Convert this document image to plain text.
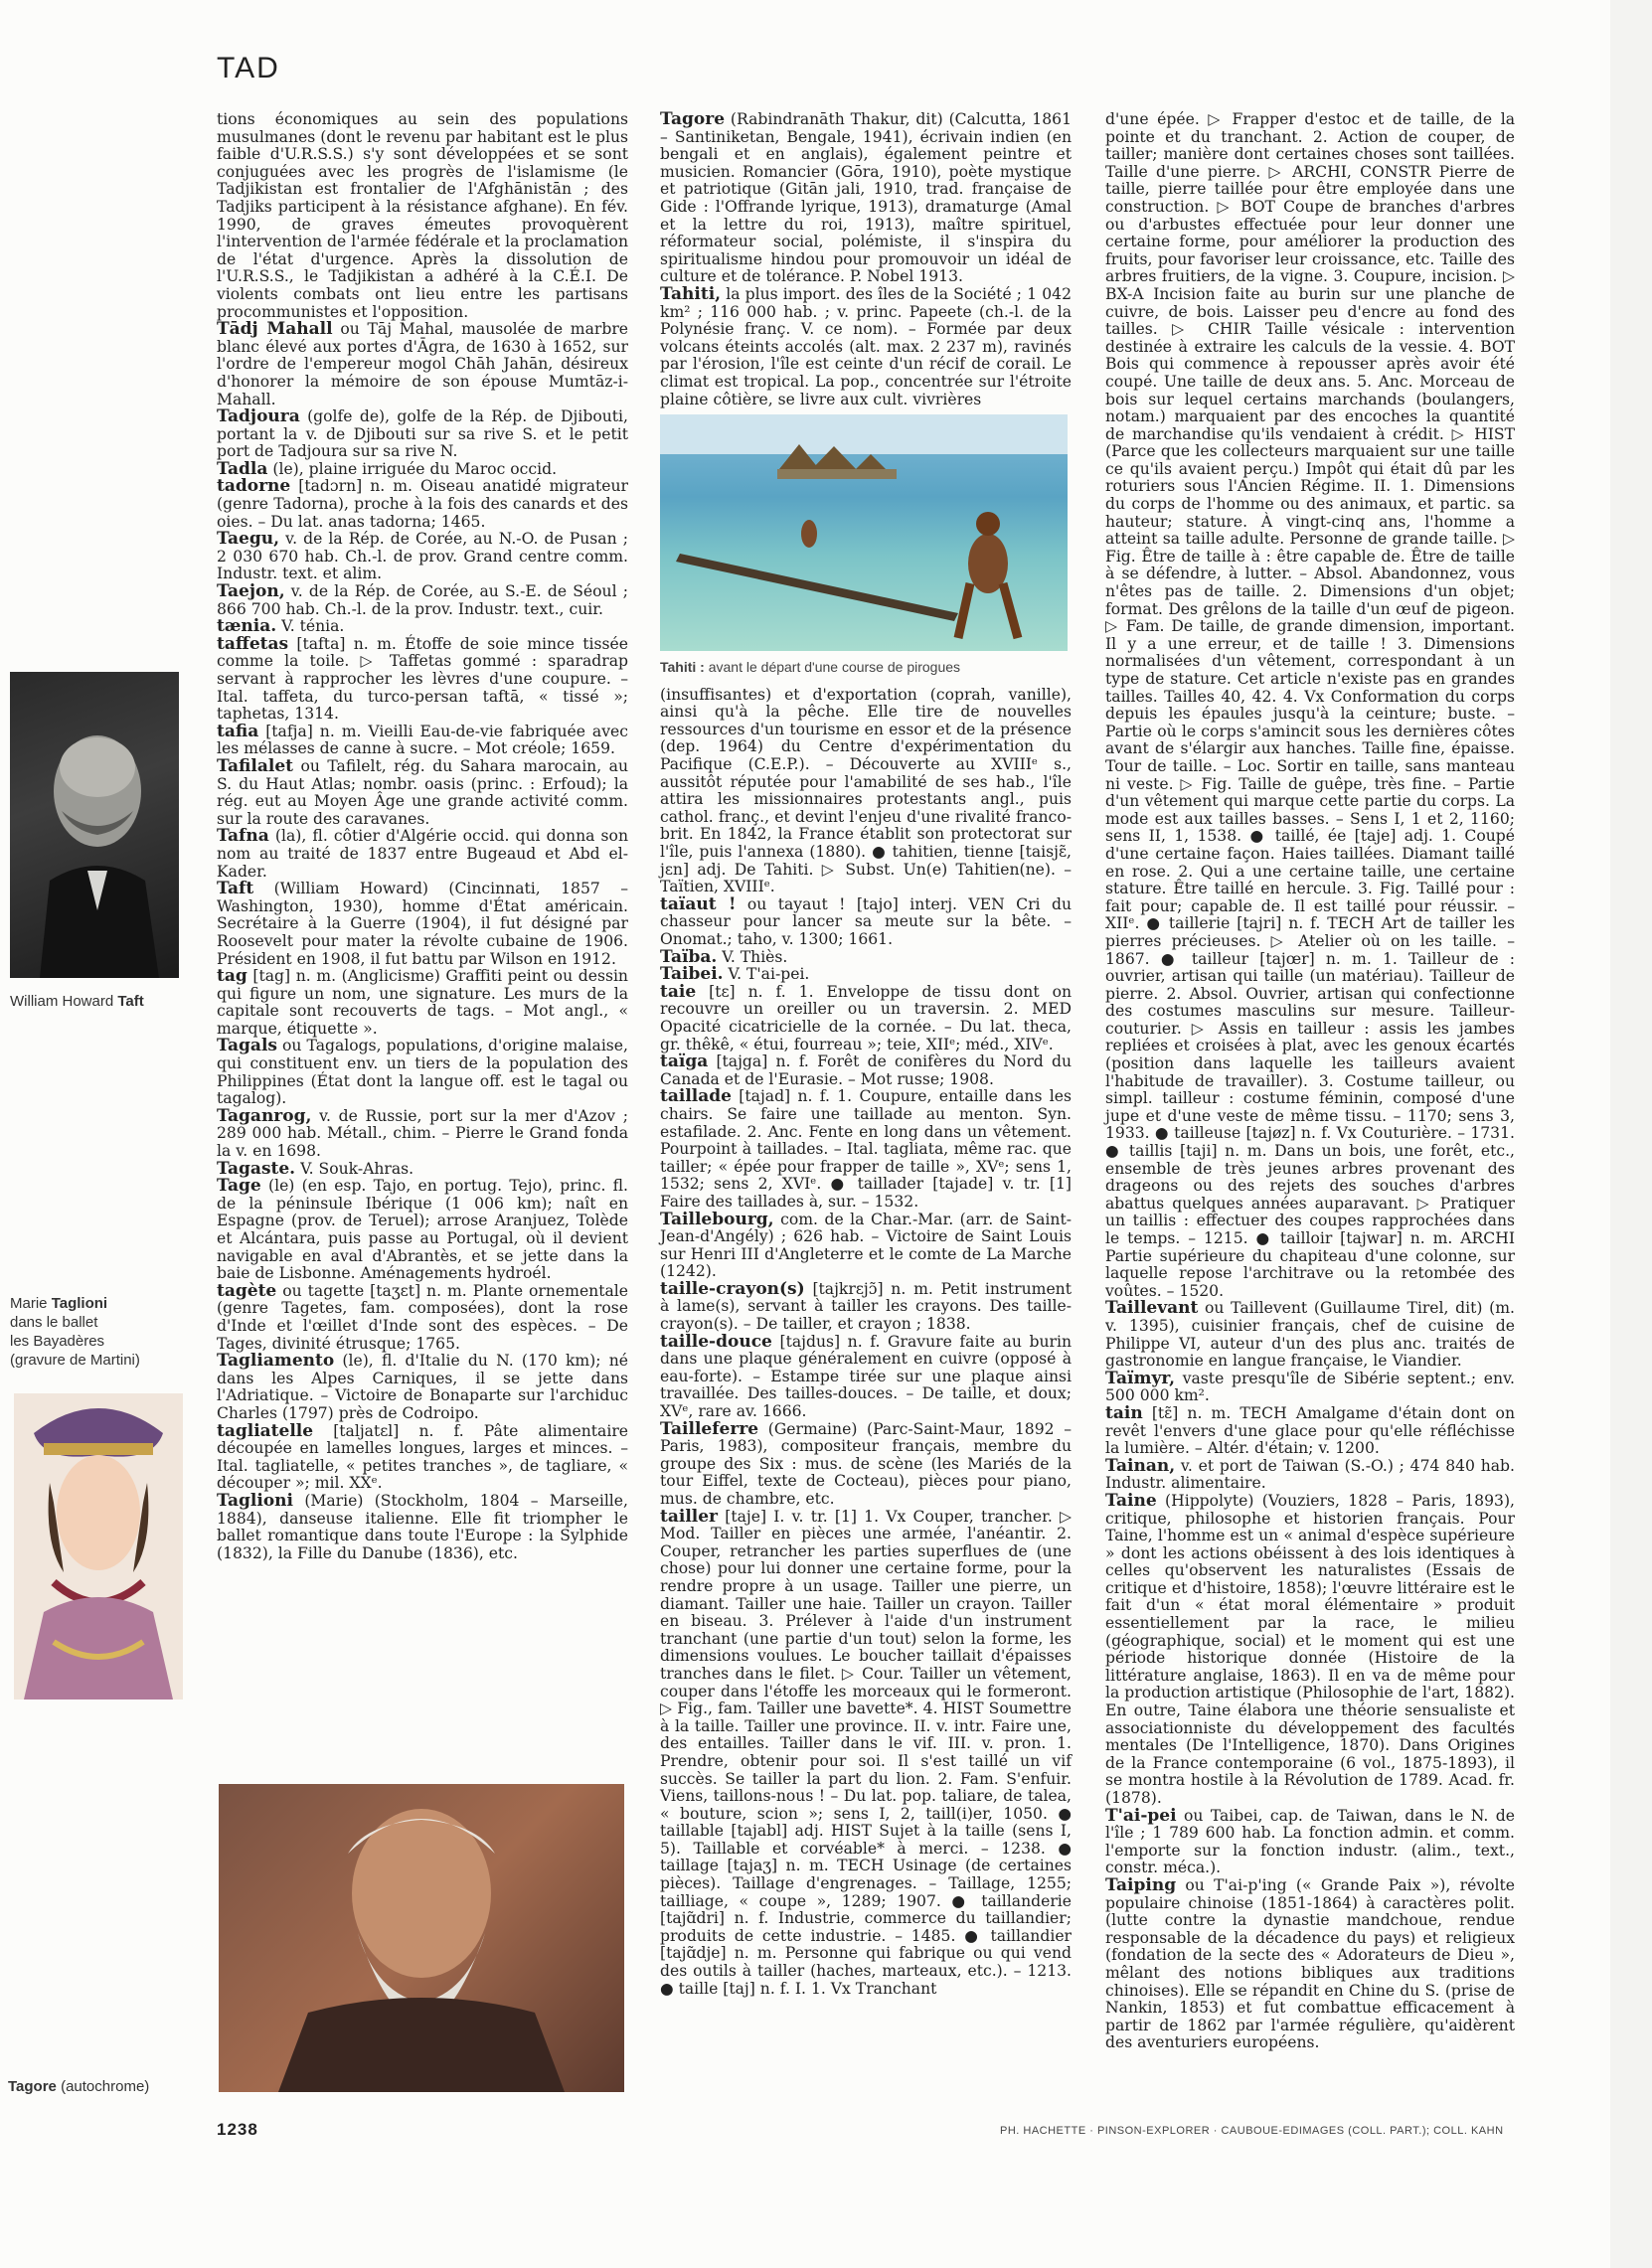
TAD
William Howard Taft
Marie Taglioni
dans le ballet
les Bayadères
(gravure de Martini)
Tagore (autochrome)

tions économiques au sein des populations musulmanes (dont le revenu par habitant est le plus faible d'U.R.S.S.) s'y sont développées et se sont conjuguées avec les progrès de l'islamisme (le Tadjikistan est frontalier de l'Afghānistān ; des Tadjiks participent à la résistance afghane). En fév. 1990, de graves émeutes provoquèrent l'intervention de l'armée fédérale et la proclamation de l'état d'urgence. Après la dissolution de l'U.R.S.S., le Tadjikistan a adhéré à la C.É.I. De violents combats ont lieu entre les partisans procommunistes et l'opposition.

Tādj Mahall ou Tāj Mahal, mausolée de marbre blanc élevé aux portes d'Āgra, de 1630 à 1652, sur l'ordre de l'empereur mogol Chāh Jahān, désireux d'honorer la mémoire de son épouse Mumtāz-i-Mahall.

Tadjoura (golfe de), golfe de la Rép. de Djibouti, portant la v. de Djibouti sur sa rive S. et le petit port de Tadjoura sur sa rive N.

Tadla (le), plaine irriguée du Maroc occid.

tadorne [tadɔrn] n. m. Oiseau anatidé migrateur (genre Tadorna), proche à la fois des canards et des oies. – Du lat. anas tadorna; 1465.

Taegu, v. de la Rép. de Corée, au N.-O. de Pusan ; 2 030 670 hab. Ch.-l. de prov. Grand centre comm. Industr. text. et alim.

Taejon, v. de la Rép. de Corée, au S.-E. de Séoul ; 866 700 hab. Ch.-l. de la prov. Industr. text., cuir.

tænia. V. ténia.

taffetas [tafta] n. m. Étoffe de soie mince tissée comme la toile. ▷ Taffetas gommé : sparadrap servant à rapprocher les lèvres d'une coupure. – Ital. taffeta, du turco-persan taftā, « tissé »; taphetas, 1314.

tafia [tafja] n. m. Vieilli Eau-de-vie fabriquée avec les mélasses de canne à sucre. – Mot créole; 1659.

Tafilalet ou Tafilelt, rég. du Sahara marocain, au S. du Haut Atlas; nombr. oasis (princ. : Erfoud); la rég. eut au Moyen Âge une grande activité comm. sur la route des caravanes.

Tafna (la), fl. côtier d'Algérie occid. qui donna son nom au traité de 1837 entre Bugeaud et Abd el-Kader.

Taft (William Howard) (Cincinnati, 1857 – Washington, 1930), homme d'État américain. Secrétaire à la Guerre (1904), il fut désigné par Roosevelt pour mater la révolte cubaine de 1906. Président en 1908, il fut battu par Wilson en 1912.

tag [tag] n. m. (Anglicisme) Graffiti peint ou dessin qui figure un nom, une signature. Les murs de la capitale sont recouverts de tags. – Mot angl., « marque, étiquette ».

Tagals ou Tagalogs, populations, d'origine malaise, qui constituent env. un tiers de la population des Philippines (État dont la langue off. est le tagal ou tagalog).

Taganrog, v. de Russie, port sur la mer d'Azov ; 289 000 hab. Métall., chim. – Pierre le Grand fonda la v. en 1698.

Tagaste. V. Souk-Ahras.

Tage (le) (en esp. Tajo, en portug. Tejo), princ. fl. de la péninsule Ibérique (1 006 km); naît en Espagne (prov. de Teruel); arrose Aranjuez, Tolède et Alcántara, puis passe au Portugal, où il devient navigable en aval d'Abrantès, et se jette dans la baie de Lisbonne. Aménagements hydroél.

tagète ou tagette [taʒɛt] n. m. Plante ornementale (genre Tagetes, fam. composées), dont la rose d'Inde et l'œillet d'Inde sont des espèces. – De Tages, divinité étrusque; 1765.

Tagliamento (le), fl. d'Italie du N. (170 km); né dans les Alpes Carniques, il se jette dans l'Adriatique. – Victoire de Bonaparte sur l'archiduc Charles (1797) près de Codroipo.

tagliatelle [taljatɛl] n. f. Pâte alimentaire découpée en lamelles longues, larges et minces. – Ital. tagliatelle, « petites tranches », de tagliare, « découper »; mil. XXᵉ.

Taglioni (Marie) (Stockholm, 1804 – Marseille, 1884), danseuse italienne. Elle fit triompher le ballet romantique dans toute l'Europe : la Sylphide (1832), la Fille du Danube (1836), etc.

Tagore (Rabindranāth Thakur, dit) (Calcutta, 1861 – Santiniketan, Bengale, 1941), écrivain indien (en bengali et en anglais), également peintre et musicien. Romancier (Gōra, 1910), poète mystique et patriotique (Gitān jali, 1910, trad. française de Gide : l'Offrande lyrique, 1913), dramaturge (Amal et la lettre du roi, 1913), maître spirituel, réformateur social, polémiste, il s'inspira du spiritualisme hindou pour promouvoir un idéal de culture et de tolérance. P. Nobel 1913.

Tahiti, la plus import. des îles de la Société ; 1 042 km² ; 116 000 hab. ; v. princ. Papeete (ch.-l. de la Polynésie franç. V. ce nom). – Formée par deux volcans éteints accolés (alt. max. 2 237 m), ravinés par l'érosion, l'île est ceinte d'un récif de corail. Le climat est tropical. La pop., concentrée sur l'étroite plaine côtière, se livre aux cult. vivrières

Tahiti : avant le départ d'une course de pirogues

(insuffisantes) et d'exportation (coprah, vanille), ainsi qu'à la pêche. Elle tire de nouvelles ressources d'un tourisme en essor et de la présence (dep. 1964) du Centre d'expérimentation du Pacifique (C.E.P.). – Découverte au XVIIIᵉ s., aussitôt réputée pour l'amabilité de ses hab., l'île attira les missionnaires protestants angl., puis cathol. franç., et devint l'enjeu d'une rivalité franco-brit. En 1842, la France établit son protectorat sur l'île, puis l'annexa (1880). ● tahitien, tienne [taisjɛ̃, jɛn] adj. De Tahiti. ▷ Subst. Un(e) Tahitien(ne). – Taïtien, XVIIIᵉ.

taïaut ! ou tayaut ! [tajo] interj. VEN Cri du chasseur pour lancer sa meute sur la bête. – Onomat.; taho, v. 1300; 1661.

Taïba. V. Thiès.

Taibei. V. T'ai-pei.

taie [tɛ] n. f. 1. Enveloppe de tissu dont on recouvre un oreiller ou un traversin. 2. MED Opacité cicatricielle de la cornée. – Du lat. theca, gr. thêkê, « étui, fourreau »; teie, XIIᵉ; méd., XIVᵉ.

taïga [tajga] n. f. Forêt de conifères du Nord du Canada et de l'Eurasie. – Mot russe; 1908.

taillade [tajad] n. f. 1. Coupure, entaille dans les chairs. Se faire une taillade au menton. Syn. estafilade. 2. Anc. Fente en long dans un vêtement. Pourpoint à taillades. – Ital. tagliata, même rac. que tailler; « épée pour frapper de taille », XVᵉ; sens 1, 1532; sens 2, XVIᵉ. ● taillader [tajade] v. tr. [1] Faire des taillades à, sur. – 1532.

Taillebourg, com. de la Char.-Mar. (arr. de Saint-Jean-d'Angély) ; 626 hab. – Victoire de Saint Louis sur Henri III d'Angleterre et le comte de La Marche (1242).

taille-crayon(s) [tajkrɛjɔ̃] n. m. Petit instrument à lame(s), servant à tailler les crayons. Des taille-crayon(s). – De tailler, et crayon ; 1838.

taille-douce [tajdus] n. f. Gravure faite au burin dans une plaque généralement en cuivre (opposé à eau-forte). – Estampe tirée sur une plaque ainsi travaillée. Des tailles-douces. – De taille, et doux; XVᵉ, rare av. 1666.

Tailleferre (Germaine) (Parc-Saint-Maur, 1892 – Paris, 1983), compositeur français, membre du groupe des Six : mus. de scène (les Mariés de la tour Eiffel, texte de Cocteau), pièces pour piano, mus. de chambre, etc.

tailler [taje] I. v. tr. [1] 1. Vx Couper, trancher. ▷ Mod. Tailler en pièces une armée, l'anéantir. 2. Couper, retrancher les parties superflues de (une chose) pour lui donner une certaine forme, pour la rendre propre à un usage. Tailler une pierre, un diamant. Tailler une haie. Tailler un crayon. Tailler en biseau. 3. Prélever à l'aide d'un instrument tranchant (une partie d'un tout) selon la forme, les dimensions voulues. Le boucher taillait d'épaisses tranches dans le filet. ▷ Cour. Tailler un vêtement, couper dans l'étoffe les morceaux qui le formeront. ▷ Fig., fam. Tailler une bavette*. 4. HIST Soumettre à la taille. Tailler une province. II. v. intr. Faire une, des entailles. Tailler dans le vif. III. v. pron. 1. Prendre, obtenir pour soi. Il s'est taillé un vif succès. Se tailler la part du lion. 2. Fam. S'enfuir. Viens, taillons-nous ! – Du lat. pop. taliare, de talea, « bouture, scion »; sens I, 2, taill(i)er, 1050. ● taillable [tajabl] adj. HIST Sujet à la taille (sens I, 5). Taillable et corvéable* à merci. – 1238. ● taillage [tajaʒ] n. m. TECH Usinage (de certaines pièces). Taillage d'engrenages. – Taillage, 1255; tailliage, « coupe », 1289; 1907. ● taillanderie [tajɑ̃dri] n. f. Industrie, commerce du taillandier; produits de cette industrie. – 1485. ● taillandier [tajɑ̃dje] n. m. Personne qui fabrique ou qui vend des outils à tailler (haches, marteaux, etc.). – 1213. ● taille [taj] n. f. I. 1. Vx Tranchant

d'une épée. ▷ Frapper d'estoc et de taille, de la pointe et du tranchant. 2. Action de couper, de tailler; manière dont certaines choses sont taillées. Taille d'une pierre. ▷ ARCHI, CONSTR Pierre de taille, pierre taillée pour être employée dans une construction. ▷ BOT Coupe de branches d'arbres ou d'arbustes effectuée pour leur donner une certaine forme, pour améliorer la production des fruits, pour favoriser leur croissance, etc. Taille des arbres fruitiers, de la vigne. 3. Coupure, incision. ▷ BX-A Incision faite au burin sur une planche de cuivre, de bois. Laisser peu d'encre au fond des tailles. ▷ CHIR Taille vésicale : intervention destinée à extraire les calculs de la vessie. 4. BOT Bois qui commence à repousser après avoir été coupé. Une taille de deux ans. 5. Anc. Morceau de bois sur lequel certains marchands (boulangers, notam.) marquaient par des encoches la quantité de marchandise qu'ils vendaient à crédit. ▷ HIST (Parce que les collecteurs marquaient sur une taille ce qu'ils avaient perçu.) Impôt qui était dû par les roturiers sous l'Ancien Régime. II. 1. Dimensions du corps de l'homme ou des animaux, et partic. sa hauteur; stature. À vingt-cinq ans, l'homme a atteint sa taille adulte. Personne de grande taille. ▷ Fig. Être de taille à : être capable de. Être de taille à se défendre, à lutter. – Absol. Abandonnez, vous n'êtes pas de taille. 2. Dimensions d'un objet; format. Des grêlons de la taille d'un œuf de pigeon. ▷ Fam. De taille, de grande dimension, important. Il y a une erreur, et de taille ! 3. Dimensions normalisées d'un vêtement, correspondant à un type de stature. Cet article n'existe pas en grandes tailles. Tailles 40, 42. 4. Vx Conformation du corps depuis les épaules jusqu'à la ceinture; buste. – Partie où le corps s'amincit sous les dernières côtes avant de s'élargir aux hanches. Taille fine, épaisse. Tour de taille. – Loc. Sortir en taille, sans manteau ni veste. ▷ Fig. Taille de guêpe, très fine. – Partie d'un vêtement qui marque cette partie du corps. La mode est aux tailles basses. – Sens I, 1 et 2, 1160; sens II, 1, 1538. ● taillé, ée [taje] adj. 1. Coupé d'une certaine façon. Haies taillées. Diamant taillé en rose. 2. Qui a une certaine taille, une certaine stature. Être taillé en hercule. 3. Fig. Taillé pour : fait pour; capable de. Il est taillé pour réussir. – XIIᵉ. ● taillerie [tajri] n. f. TECH Art de tailler les pierres précieuses. ▷ Atelier où on les taille. – 1867. ● tailleur [tajœr] n. m. 1. Tailleur de : ouvrier, artisan qui taille (un matériau). Tailleur de pierre. 2. Absol. Ouvrier, artisan qui confectionne des costumes masculins sur mesure. Tailleur-couturier. ▷ Assis en tailleur : assis les jambes repliées et croisées à plat, avec les genoux écartés (position dans laquelle les tailleurs avaient l'habitude de travailler). 3. Costume tailleur, ou simpl. tailleur : costume féminin, composé d'une jupe et d'une veste de même tissu. – 1170; sens 3, 1933. ● tailleuse [tajøz] n. f. Vx Couturière. – 1731. ● taillis [taji] n. m. Dans un bois, une forêt, etc., ensemble de très jeunes arbres provenant des drageons ou des rejets des souches d'arbres abattus quelques années auparavant. ▷ Pratiquer un taillis : effectuer des coupes rapprochées dans le temps. – 1215. ● tailloir [tajwar] n. m. ARCHI Partie supérieure du chapiteau d'une colonne, sur laquelle repose l'architrave ou la retombée des voûtes. – 1520.

Taillevant ou Taillevent (Guillaume Tirel, dit) (m. v. 1395), cuisinier français, chef de cuisine de Philippe VI, auteur d'un des plus anc. traités de gastronomie en langue française, le Viandier.

Taïmyr, vaste presqu'île de Sibérie septent.; env. 500 000 km².

tain [tɛ̃] n. m. TECH Amalgame d'étain dont on revêt l'envers d'une glace pour qu'elle réfléchisse la lumière. – Altér. d'étain; v. 1200.

Tainan, v. et port de Taiwan (S.-O.) ; 474 840 hab. Industr. alimentaire.

Taine (Hippolyte) (Vouziers, 1828 – Paris, 1893), critique, philosophe et historien français. Pour Taine, l'homme est un « animal d'espèce supérieure » dont les actions obéissent à des lois identiques à celles qu'observent les naturalistes (Essais de critique et d'histoire, 1858); l'œuvre littéraire est le fait d'un « état moral élémentaire » produit essentiellement par la race, le milieu (géographique, social) et le moment qui est une période historique donnée (Histoire de la littérature anglaise, 1863). Il en va de même pour la production artistique (Philosophie de l'art, 1882). En outre, Taine élabora une théorie sensualiste et associationniste du développement des facultés mentales (De l'Intelligence, 1870). Dans Origines de la France contemporaine (6 vol., 1875-1893), il se montra hostile à la Révolution de 1789. Acad. fr. (1878).

T'ai-pei ou Taibei, cap. de Taiwan, dans le N. de l'île ; 1 789 600 hab. La fonction admin. et comm. l'emporte sur la fonction industr. (alim., text., constr. méca.).

Taiping ou T'ai-p'ing (« Grande Paix »), révolte populaire chinoise (1851-1864) à caractères polit. (lutte contre la dynastie mandchoue, rendue responsable de la décadence du pays) et religieux (fondation de la secte des « Adorateurs de Dieu », mêlant des notions bibliques aux traditions chinoises). Elle se répandit en Chine du S. (prise de Nankin, 1853) et fut combattue efficacement à partir de 1862 par l'armée régulière, qu'aidèrent des aventuriers européens.

1238	PH. HACHETTE · PINSON-EXPLORER · CAUBOUE-EDIMAGES (COLL. PART.); COLL. KAHN
